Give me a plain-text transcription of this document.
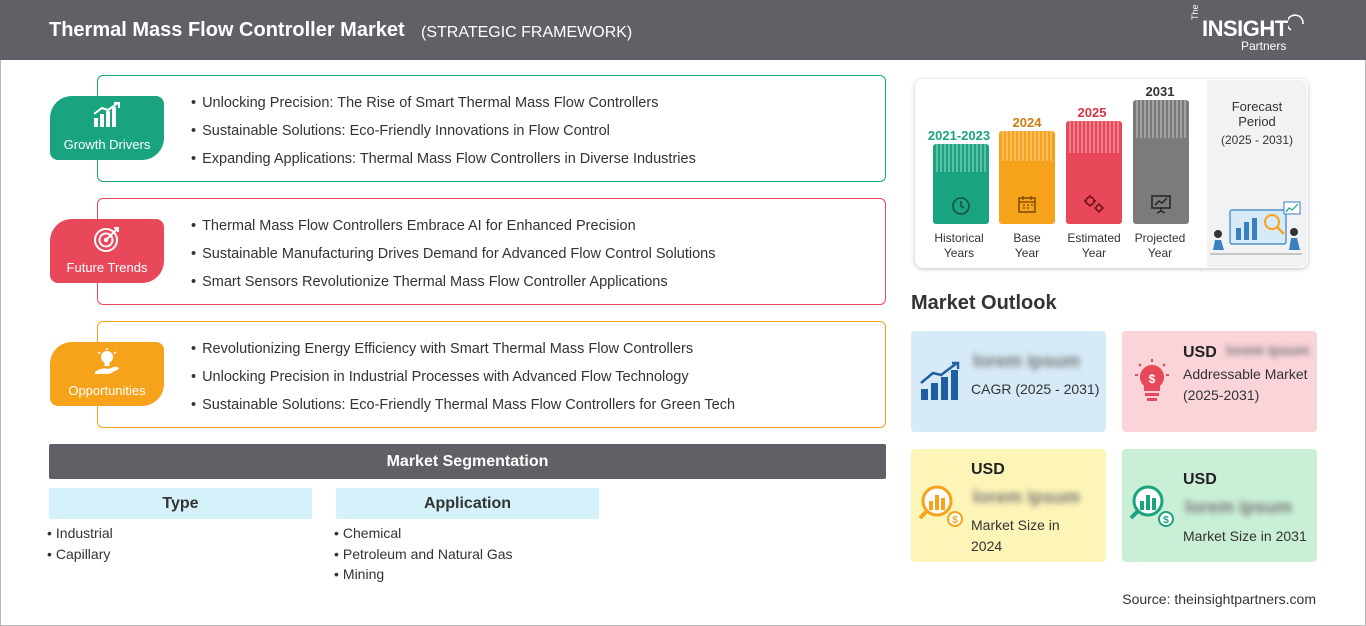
Thermal Mass Flow Controller Market (STRATEGIC FRAMEWORK)
The
INSIGHT
Partners
• Unlocking Precision: The Rise of Smart Thermal Mass Flow Controllers
• Sustainable Solutions: Eco-Friendly Innovations in Flow Control
• Expanding Applications: Thermal Mass Flow Controllers in Diverse Industries
Growth Drivers
• Thermal Mass Flow Controllers Embrace AI for Enhanced Precision
• Sustainable Manufacturing Drives Demand for Advanced Flow Control Solutions
• Smart Sensors Revolutionize Thermal Mass Flow Controller Applications
Future Trends
• Revolutionizing Energy Efficiency with Smart Thermal Mass Flow Controllers
• Unlocking Precision in Industrial Processes with Advanced Flow Technology
• Sustainable Solutions: Eco-Friendly Thermal Mass Flow Controllers for Green Tech
Opportunities
Market Segmentation
Type	Application
• Industrial
• Capillary
• Chemical
• Petroleum and Natural Gas
• Mining
Forecast
Period
(2025 - 2031)
2021-2023
Historical
Years
2024
Base
Year
2025
Estimated
Year
2031
Projected
Year
Market Outlook
lorem ipsum
CAGR (2025 - 2031)
$
USD lorem ipsum
Addressable Market (2025-2031)
$
USD
lorem ipsum
Market Size in 2024
$
USD
lorem ipsum
Market Size in 2031
Source: theinsightpartners.com
